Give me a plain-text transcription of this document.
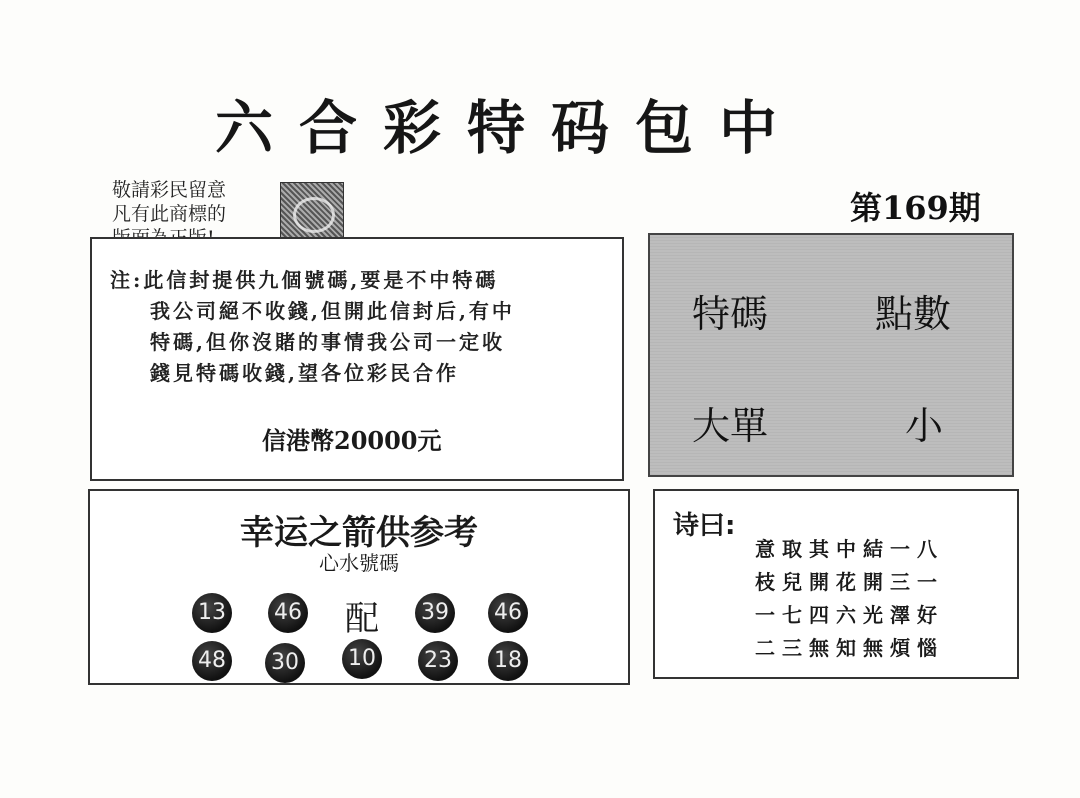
六合彩特码包中
敬請彩民留意
凡有此商標的	第169期
注:此信封提供九個號碼,要是不中特碼
我公司絕不收錢,但開此信封后,有中
特碼,但你沒賭的事情我公司一定收
錢見特碼收錢,望各位彩民合作
信港幣20000元
特碼	點數
大單	小
幸运之箭供参考
心水號碼
13 46 配 39 46
48 30 10 23 18
诗曰:
意取其中結一八
枝兒開花開三一
一七四六光澤好
二三無知無煩惱
